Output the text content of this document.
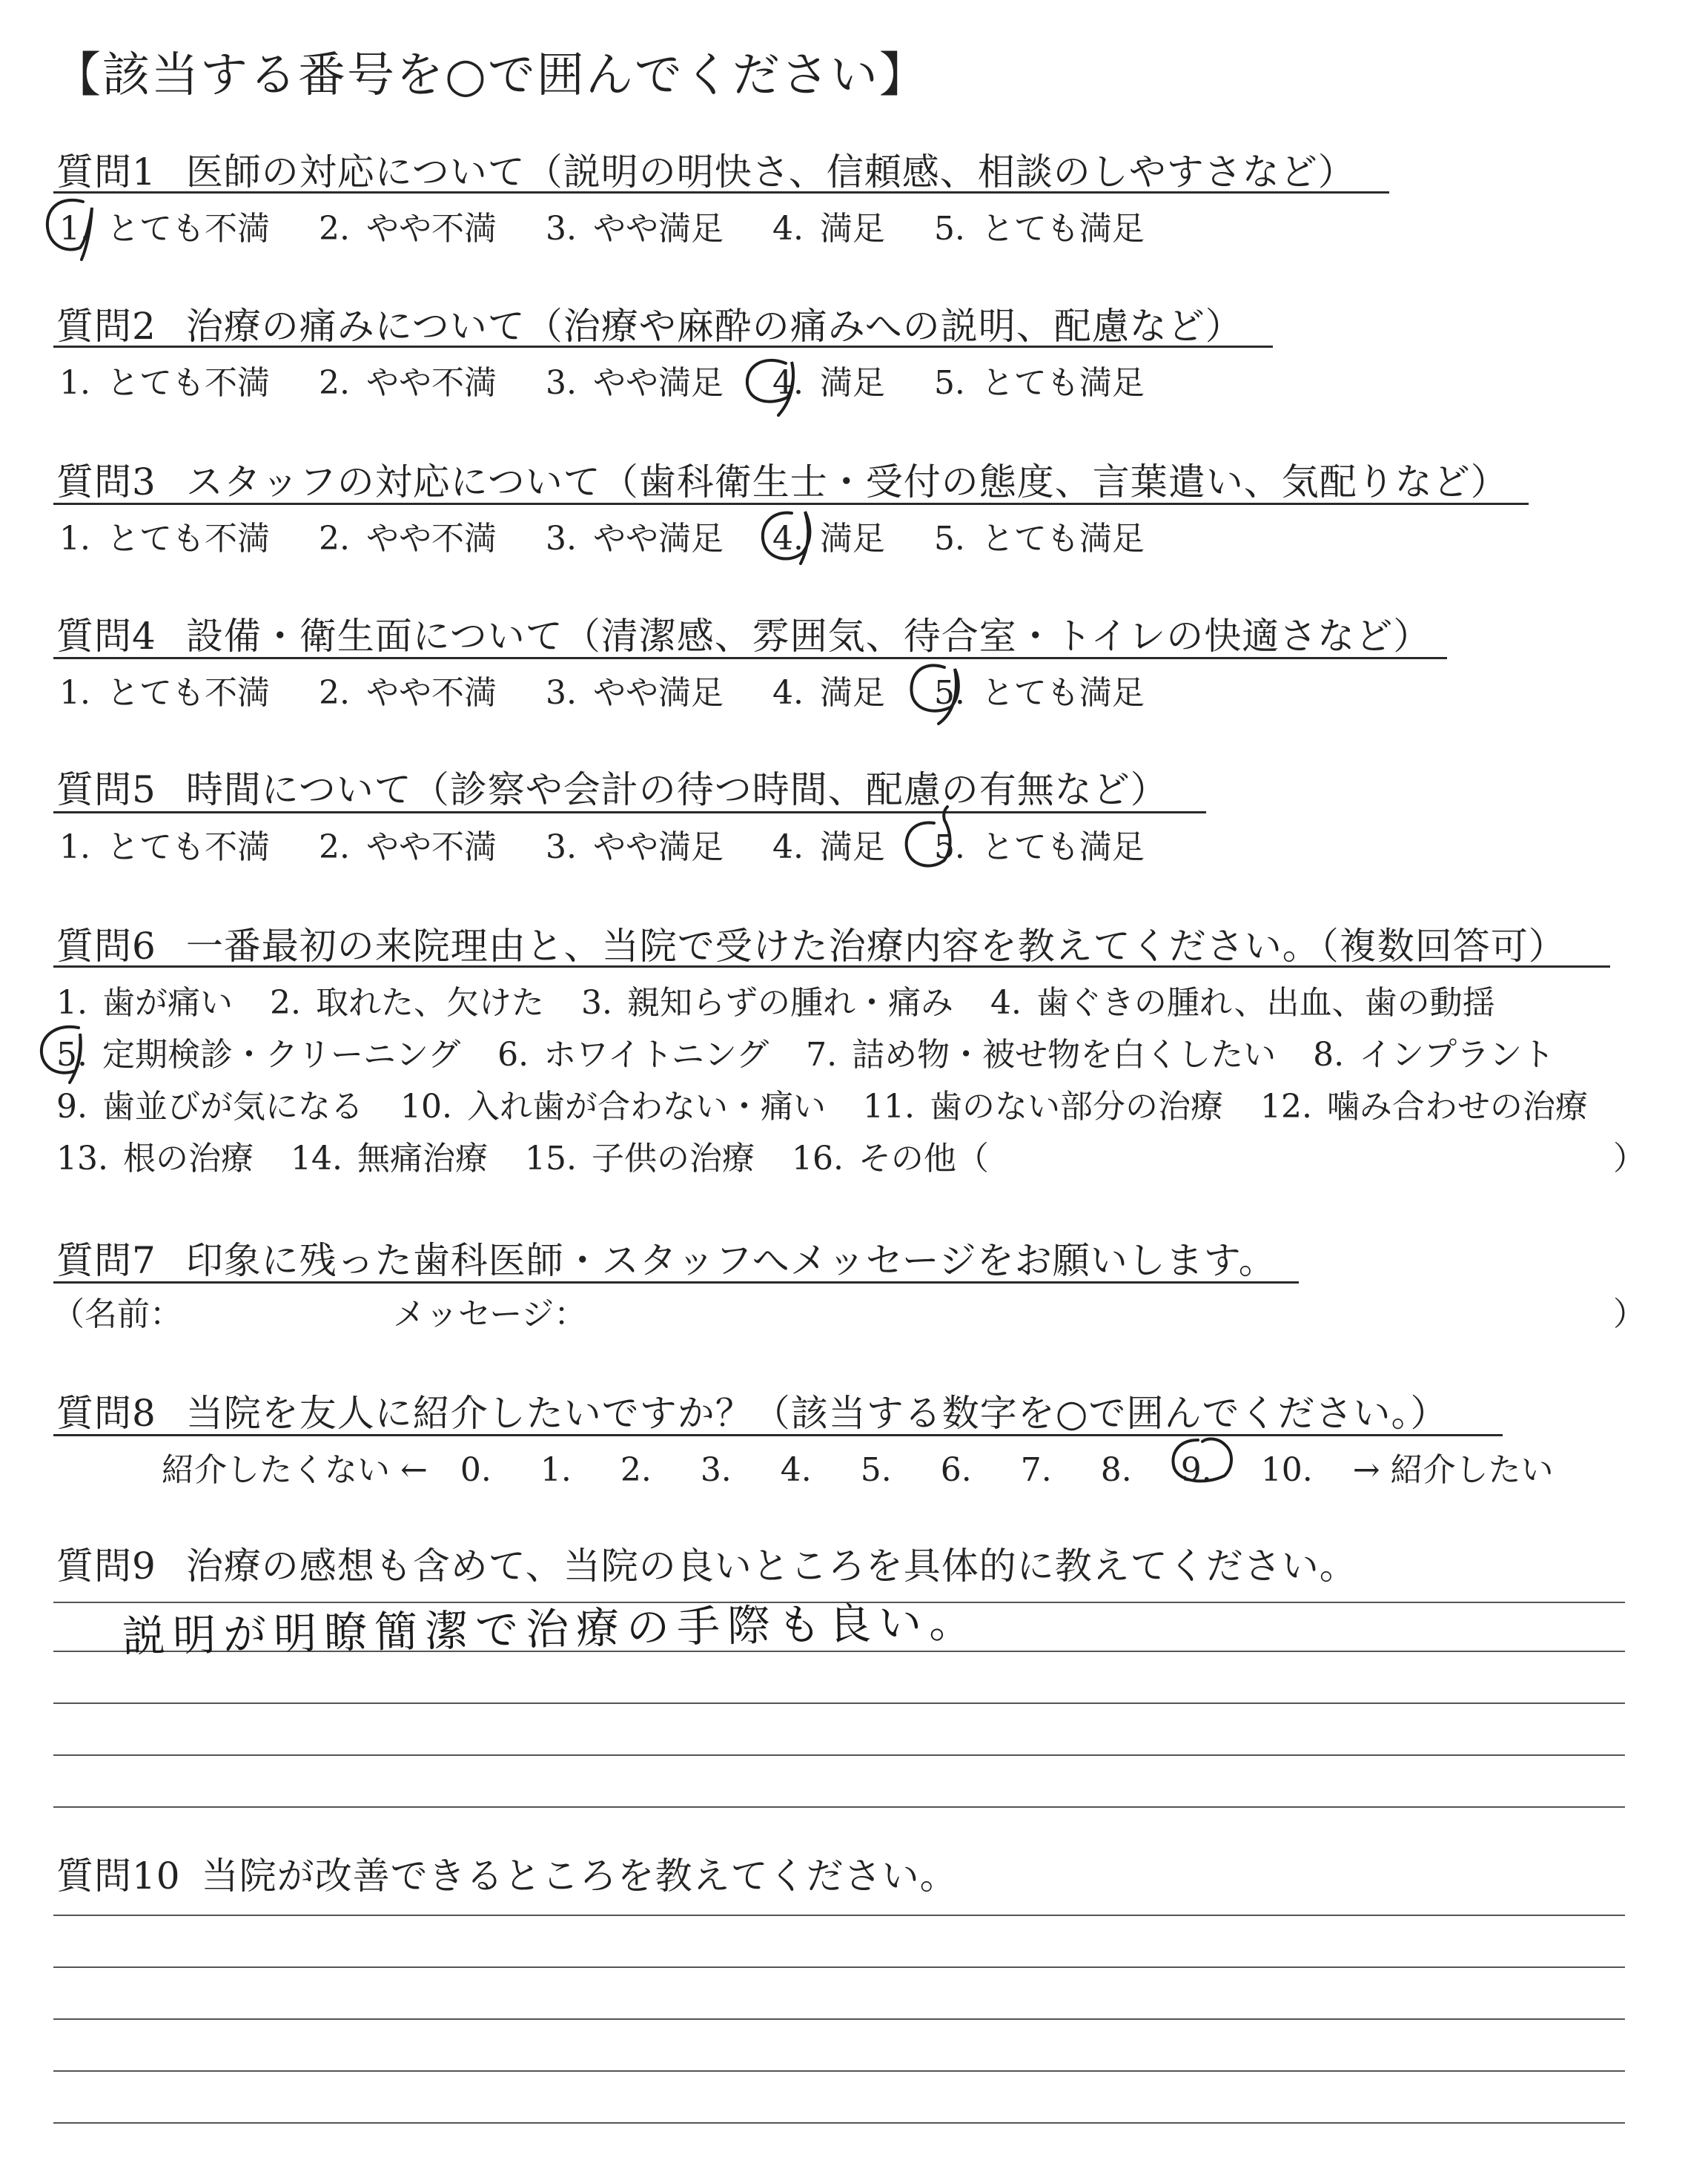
【該当する番号を○で囲んでください】
質問1 医師の対応について（説明の明快さ、信頼感、相談のしやすさなど）
1. とても不満 2. やや不満 3. やや満足 4. 満足 5. とても満足
質問2 治療の痛みについて（治療や麻酔の痛みへの説明、配慮など）
1. とても不満 2. やや不満 3. やや満足 4. 満足 5. とても満足
質問3 スタッフの対応について（歯科衛生士・受付の態度、言葉遣い、気配りなど）
1. とても不満 2. やや不満 3. やや満足 4. 満足 5. とても満足
質問4 設備・衛生面について（清潔感、雰囲気、待合室・トイレの快適さなど）
1. とても不満 2. やや不満 3. やや満足 4. 満足 5. とても満足
質問5 時間について（診察や会計の待つ時間、配慮の有無など）
1. とても不満 2. やや不満 3. やや満足 4. 満足 5. とても満足
質問6 一番最初の来院理由と、当院で受けた治療内容を教えてください。（複数回答可）
1. 歯が痛い 2. 取れた、欠けた 3. 親知らずの腫れ・痛み 4. 歯ぐきの腫れ、出血、歯の動揺
5. 定期検診・クリーニング 6. ホワイトニング 7. 詰め物・被せ物を白くしたい 8. インプラント
9. 歯並びが気になる 10. 入れ歯が合わない・痛い 11. 歯のない部分の治療 12. 噛み合わせの治療
13. 根の治療 14. 無痛治療 15. 子供の治療 16. その他（	）
質問7 印象に残った歯科医師・スタッフへメッセージをお願いします。
（名前：	メッセージ：	）
質問8 当院を友人に紹介したいですか？（該当する数字を○で囲んでください。）
紹介したくない ← 0. 1. 2. 3. 4. 5. 6. 7. 8. 9. 10. → 紹介したい
質問9 治療の感想も含めて、当院の良いところを具体的に教えてください。
説明が明瞭簡潔で治療の手際も良い。
質問10 当院が改善できるところを教えてください。
